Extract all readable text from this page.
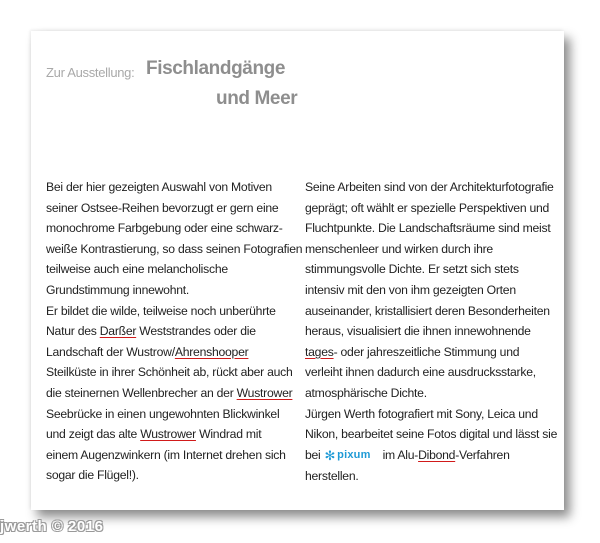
Zur Ausstellung: Fischlandgänge
und Meer
Bei der hier gezeigten Auswahl von Motiven
seiner Ostsee-Reihen bevorzugt er gern eine
monochrome Farbgebung oder eine schwarz-
weiße Kontrastierung, so dass seinen Fotografien
teilweise auch eine melancholische
Grundstimmung innewohnt.
Er bildet die wilde, teilweise noch unberührte
Natur des Darßer Weststrandes oder die
Landschaft der Wustrow/Ahrenshooper
Steilküste in ihrer Schönheit ab, rückt aber auch
die steinernen Wellenbrecher an der Wustrower
Seebrücke in einen ungewohnten Blickwinkel
und zeigt das alte Wustrower Windrad mit
einem Augenzwinkern (im Internet drehen sich
sogar die Flügel!).
Seine Arbeiten sind von der Architekturfotografie
geprägt; oft wählt er spezielle Perspektiven und
Fluchtpunkte. Die Landschaftsräume sind meist
menschenleer und wirken durch ihre
stimmungsvolle Dichte. Er setzt sich stets
intensiv mit den von ihm gezeigten Orten
auseinander, kristallisiert deren Besonderheiten
heraus, visualisiert die ihnen innewohnende
tages- oder jahreszeitliche Stimmung und
verleiht ihnen dadurch eine ausdrucksstarke,
atmosphärische Dichte.
Jürgen Werth fotografiert mit Sony, Leica und
Nikon, bearbeitet seine Fotos digital und lässt sie
bei ✻ pixum im Alu-Dibond-Verfahren
herstellen.
jwerth © 2016
